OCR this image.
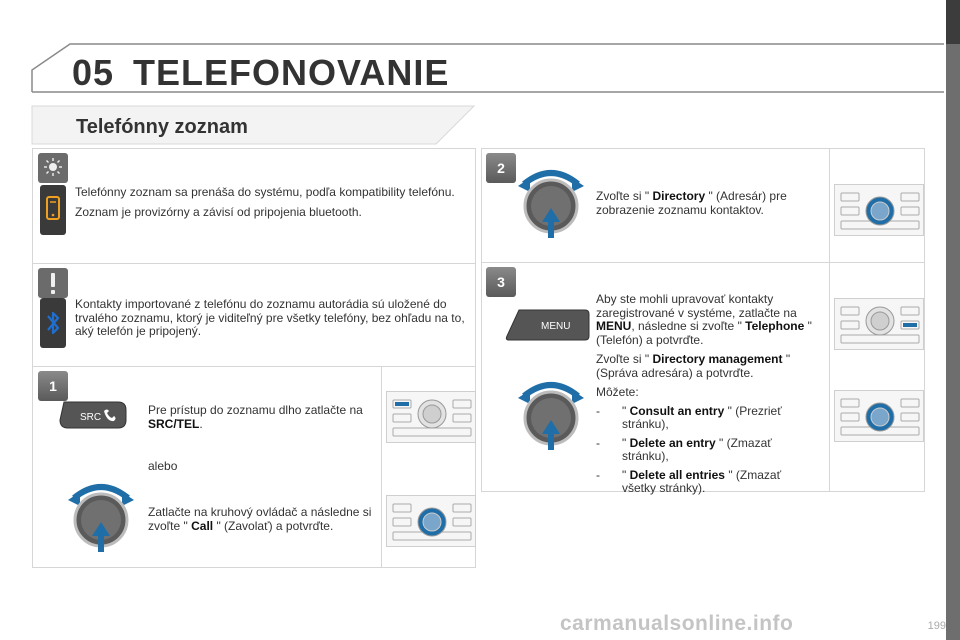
05 TELEFONOVANIE
Telefónny zoznam

Telefónny zoznam sa prenáša do systému, podľa kompatibility telefónu.

Zoznam je provizórny a závisí od pripojenia bluetooth.

Kontakty importované z telefónu do zoznamu autorádia sú uložené do trvalého zoznamu, ktorý je viditeľný pre všetky telefóny, bez ohľadu na to, aký telefón je pripojený.

1
SRC
Pre prístup do zoznamu dlho zatlačte na SRC/TEL.
alebo
Zatlačte na kruhový ovládač a následne si zvoľte " Call " (Zavolať) a potvrďte.
2
Zvoľte si " Directory " (Adresár) pre zobrazenie zoznamu kontaktov.
3
MENU

Aby ste mohli upravovať kontakty zaregistrované v systéme, zatlačte na MENU, následne si zvoľte " Telephone " (Telefón) a potvrďte.

Zvoľte si " Directory management " (Správa adresára) a potvrďte.

Môžete:

-	" Consult an entry " (Prezrieť stránku),
-	" Delete an entry " (Zmazať stránku),
-	" Delete all entries " (Zmazať všetky stránky).
199
carmanualsonline.info
